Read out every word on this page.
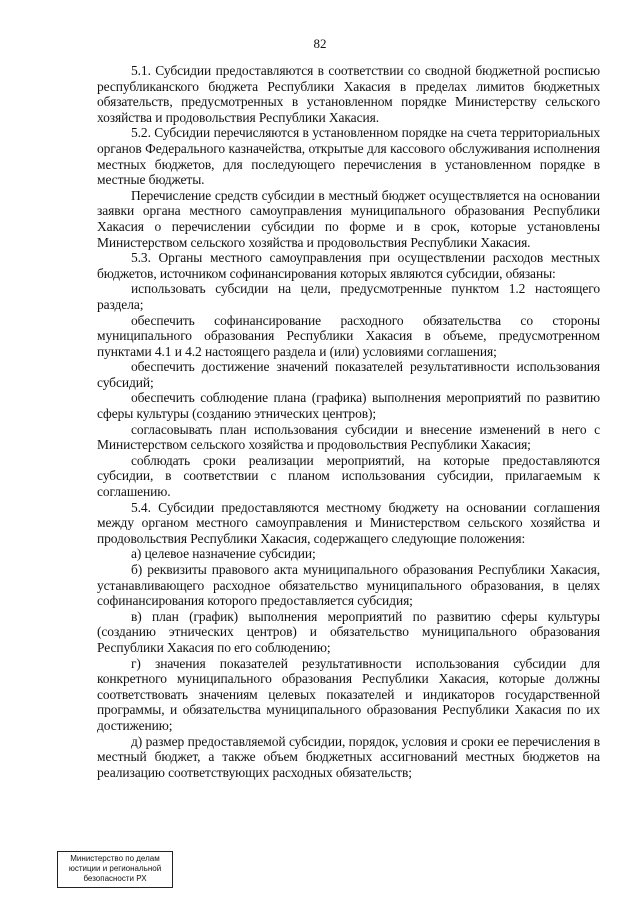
82

5.1. Субсидии предоставляются в соответствии со сводной бюджетной росписью республиканского бюджета Республики Хакасия в пределах лимитов бюджетных обязательств, предусмотренных в установленном порядке Министерству сельского хозяйства и продовольствия Республики Хакасия.

5.2. Субсидии перечисляются в установленном порядке на счета территориальных органов Федерального казначейства, открытые для кассового обслуживания исполнения местных бюджетов, для последующего перечисления в установленном порядке в местные бюджеты.

Перечисление средств субсидии в местный бюджет осуществляется на основании заявки органа местного самоуправления муниципального образования Республики Хакасия о перечислении субсидии по форме и в срок, которые установлены Министерством сельского хозяйства и продовольствия Республики Хакасия.

5.3. Органы местного самоуправления при осуществлении расходов местных бюджетов, источником софинансирования которых являются субсидии, обязаны:

использовать субсидии на цели, предусмотренные пунктом 1.2 настоящего раздела;

обеспечить софинансирование расходного обязательства со стороны муниципального образования Республики Хакасия в объеме, предусмотренном пунктами 4.1 и 4.2 настоящего раздела и (или) условиями соглашения;

обеспечить достижение значений показателей результативности использования субсидий;

обеспечить соблюдение плана (графика) выполнения мероприятий по развитию сферы культуры (созданию этнических центров);

согласовывать план использования субсидии и внесение изменений в него с Министерством сельского хозяйства и продовольствия Республики Хакасия;

соблюдать сроки реализации мероприятий, на которые предоставляются субсидии, в соответствии с планом использования субсидии, прилагаемым к соглашению.

5.4. Субсидии предоставляются местному бюджету на основании соглашения между органом местного самоуправления и Министерством сельского хозяйства и продовольствия Республики Хакасия, содержащего следующие положения:

а) целевое назначение субсидии;

б) реквизиты правового акта муниципального образования Республики Хакасия, устанавливающего расходное обязательство муниципального образования, в целях софинансирования которого предоставляется субсидия;

в) план (график) выполнения мероприятий по развитию сферы культуры (созданию этнических центров) и обязательство муниципального образования Республики Хакасия по его соблюдению;

г) значения показателей результативности использования субсидии для конкретного муниципального образования Республики Хакасия, которые должны соответствовать значениям целевых показателей и индикаторов государственной программы, и обязательства муниципального образования Республики Хакасия по их достижению;

д) размер предоставляемой субсидии, порядок, условия и сроки ее перечисления в местный бюджет, а также объем бюджетных ассигнований местных бюджетов на реализацию соответствующих расходных обязательств;

Министерство по делам
юстиции и региональной
безопасности РХ
